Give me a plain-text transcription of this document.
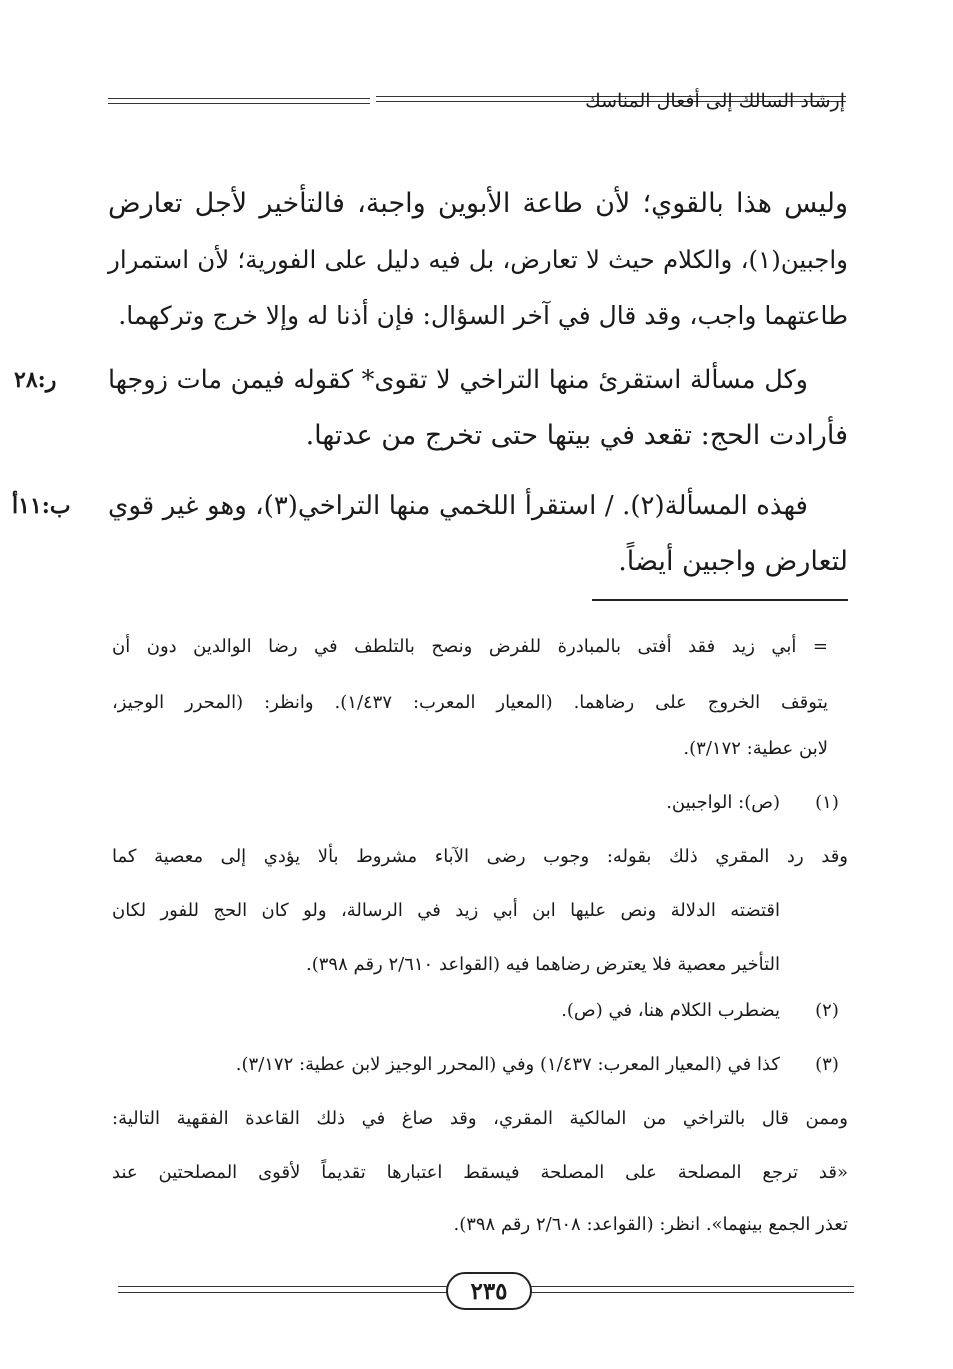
إرشاد السالك إلى أفعال المناسك
وليس هذا بالقوي؛ لأن طاعة الأبوين واجبة، فالتأخير لأجل تعارض
واجبين(١)، والكلام حيث لا تعارض، بل فيه دليل على الفورية؛ لأن استمرار
طاعتهما واجب، وقد قال في آخر السؤال: فإن أذنا له وإلا خرج وتركهما.
ر:٢٨ وكل مسألة استقرئ منها التراخي لا تقوى* كقوله فيمن مات زوجها
فأرادت الحج: تقعد في بيتها حتى تخرج من عدتها.
ب:١١أ فهذه المسألة(٢). / استقرأ اللخمي منها التراخي(٣)، وهو غير قوي
لتعارض واجبين أيضاً.
= أبي زيد فقد أفتى بالمبادرة للفرض ونصح بالتلطف في رضا الوالدين دون أن
يتوقف الخروج على رضاهما. (المعيار المعرب: ١/٤٣٧). وانظر: (المحرر الوجيز،
لابن عطية: ٣/١٧٢).
(١)
(ص): الواجبين.
وقد رد المقري ذلك بقوله: وجوب رضى الآباء مشروط بألا يؤدي إلى معصية كما
اقتضته الدلالة ونص عليها ابن أبي زيد في الرسالة، ولو كان الحج للفور لكان
التأخير معصية فلا يعترض رضاهما فيه (القواعد ٢/٦١٠ رقم ٣٩٨).
(٢)
يضطرب الكلام هنا، في (ص).
(٣)
كذا في (المعيار المعرب: ١/٤٣٧) وفي (المحرر الوجيز لابن عطية: ٣/١٧٢).
وممن قال بالتراخي من المالكية المقري، وقد صاغ في ذلك القاعدة الفقهية التالية:
«قد ترجع المصلحة على المصلحة فيسقط اعتبارها تقديماً لأقوى المصلحتين عند
تعذر الجمع بينهما». انظر: (القواعد: ٢/٦٠٨ رقم ٣٩٨).
٢٣٥
